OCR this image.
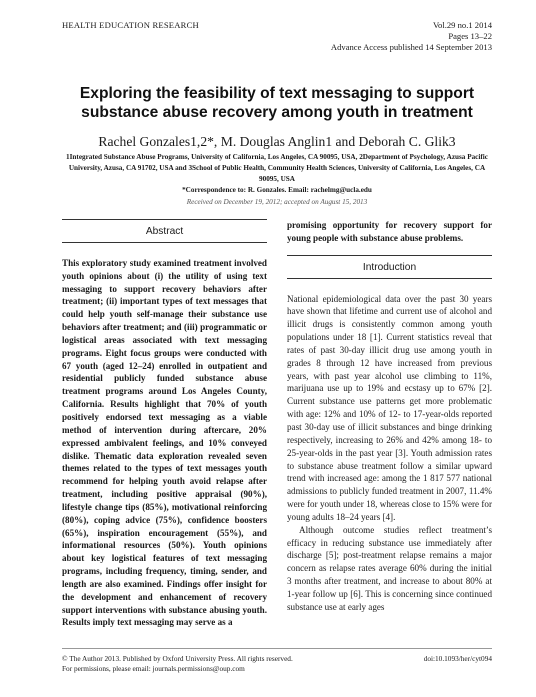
HEALTH EDUCATION RESEARCH	Vol.29 no.1 2014
Pages 13–22
Advance Access published 14 September 2013
Exploring the feasibility of text messaging to support substance abuse recovery among youth in treatment
Rachel Gonzales1,2*, M. Douglas Anglin1 and Deborah C. Glik3
1Integrated Substance Abuse Programs, University of California, Los Angeles, CA 90095, USA, 2Department of Psychology, Azusa Pacific University, Azusa, CA 91702, USA and 3School of Public Health, Community Health Sciences, University of California, Los Angeles, CA 90095, USA
*Correspondence to: R. Gonzales. Email: rachelmg@ucla.edu
Received on December 19, 2012; accepted on August 15, 2013
Abstract
This exploratory study examined treatment involved youth opinions about (i) the utility of using text messaging to support recovery behaviors after treatment; (ii) important types of text messages that could help youth self-manage their substance use behaviors after treatment; and (iii) programmatic or logistical areas associated with text messaging programs. Eight focus groups were conducted with 67 youth (aged 12–24) enrolled in outpatient and residential publicly funded substance abuse treatment programs around Los Angeles County, California. Results highlight that 70% of youth positively endorsed text messaging as a viable method of intervention during aftercare, 20% expressed ambivalent feelings, and 10% conveyed dislike. Thematic data exploration revealed seven themes related to the types of text messages youth recommend for helping youth avoid relapse after treatment, including positive appraisal (90%), lifestyle change tips (85%), motivational reinforcing (80%), coping advice (75%), confidence boosters (65%), inspiration encouragement (55%), and informational resources (50%). Youth opinions about key logistical features of text messaging programs, including frequency, timing, sender, and length are also examined. Findings offer insight for the development and enhancement of recovery support interventions with substance abusing youth. Results imply text messaging may serve as a
promising opportunity for recovery support for young people with substance abuse problems.
Introduction

National epidemiological data over the past 30 years have shown that lifetime and current use of alcohol and illicit drugs is consistently common among youth populations under 18 [1]. Current statistics reveal that rates of past 30-day illicit drug use among youth in grades 8 through 12 have increased from previous years, with past year alcohol use climbing to 11%, marijuana use up to 19% and ecstasy up to 67% [2]. Current substance use patterns get more problematic with age: 12% and 10% of 12- to 17-year-olds reported past 30-day use of illicit substances and binge drinking respectively, increasing to 26% and 42% among 18- to 25-year-olds in the past year [3]. Youth admission rates to substance abuse treatment follow a similar upward trend with increased age: among the 1 817 577 national admissions to publicly funded treatment in 2007, 11.4% were for youth under 18, whereas close to 15% were for young adults 18–24 years [4].

Although outcome studies reflect treatment’s efficacy in reducing substance use immediately after discharge [5]; post-treatment relapse remains a major concern as relapse rates average 60% during the initial 3 months after treatment, and increase to about 80% at 1-year follow up [6]. This is concerning since continued substance use at early ages

© The Author 2013. Published by Oxford University Press. All rights reserved.
For permissions, please email: journals.permissions@oup.com
doi:10.1093/her/cyt094
